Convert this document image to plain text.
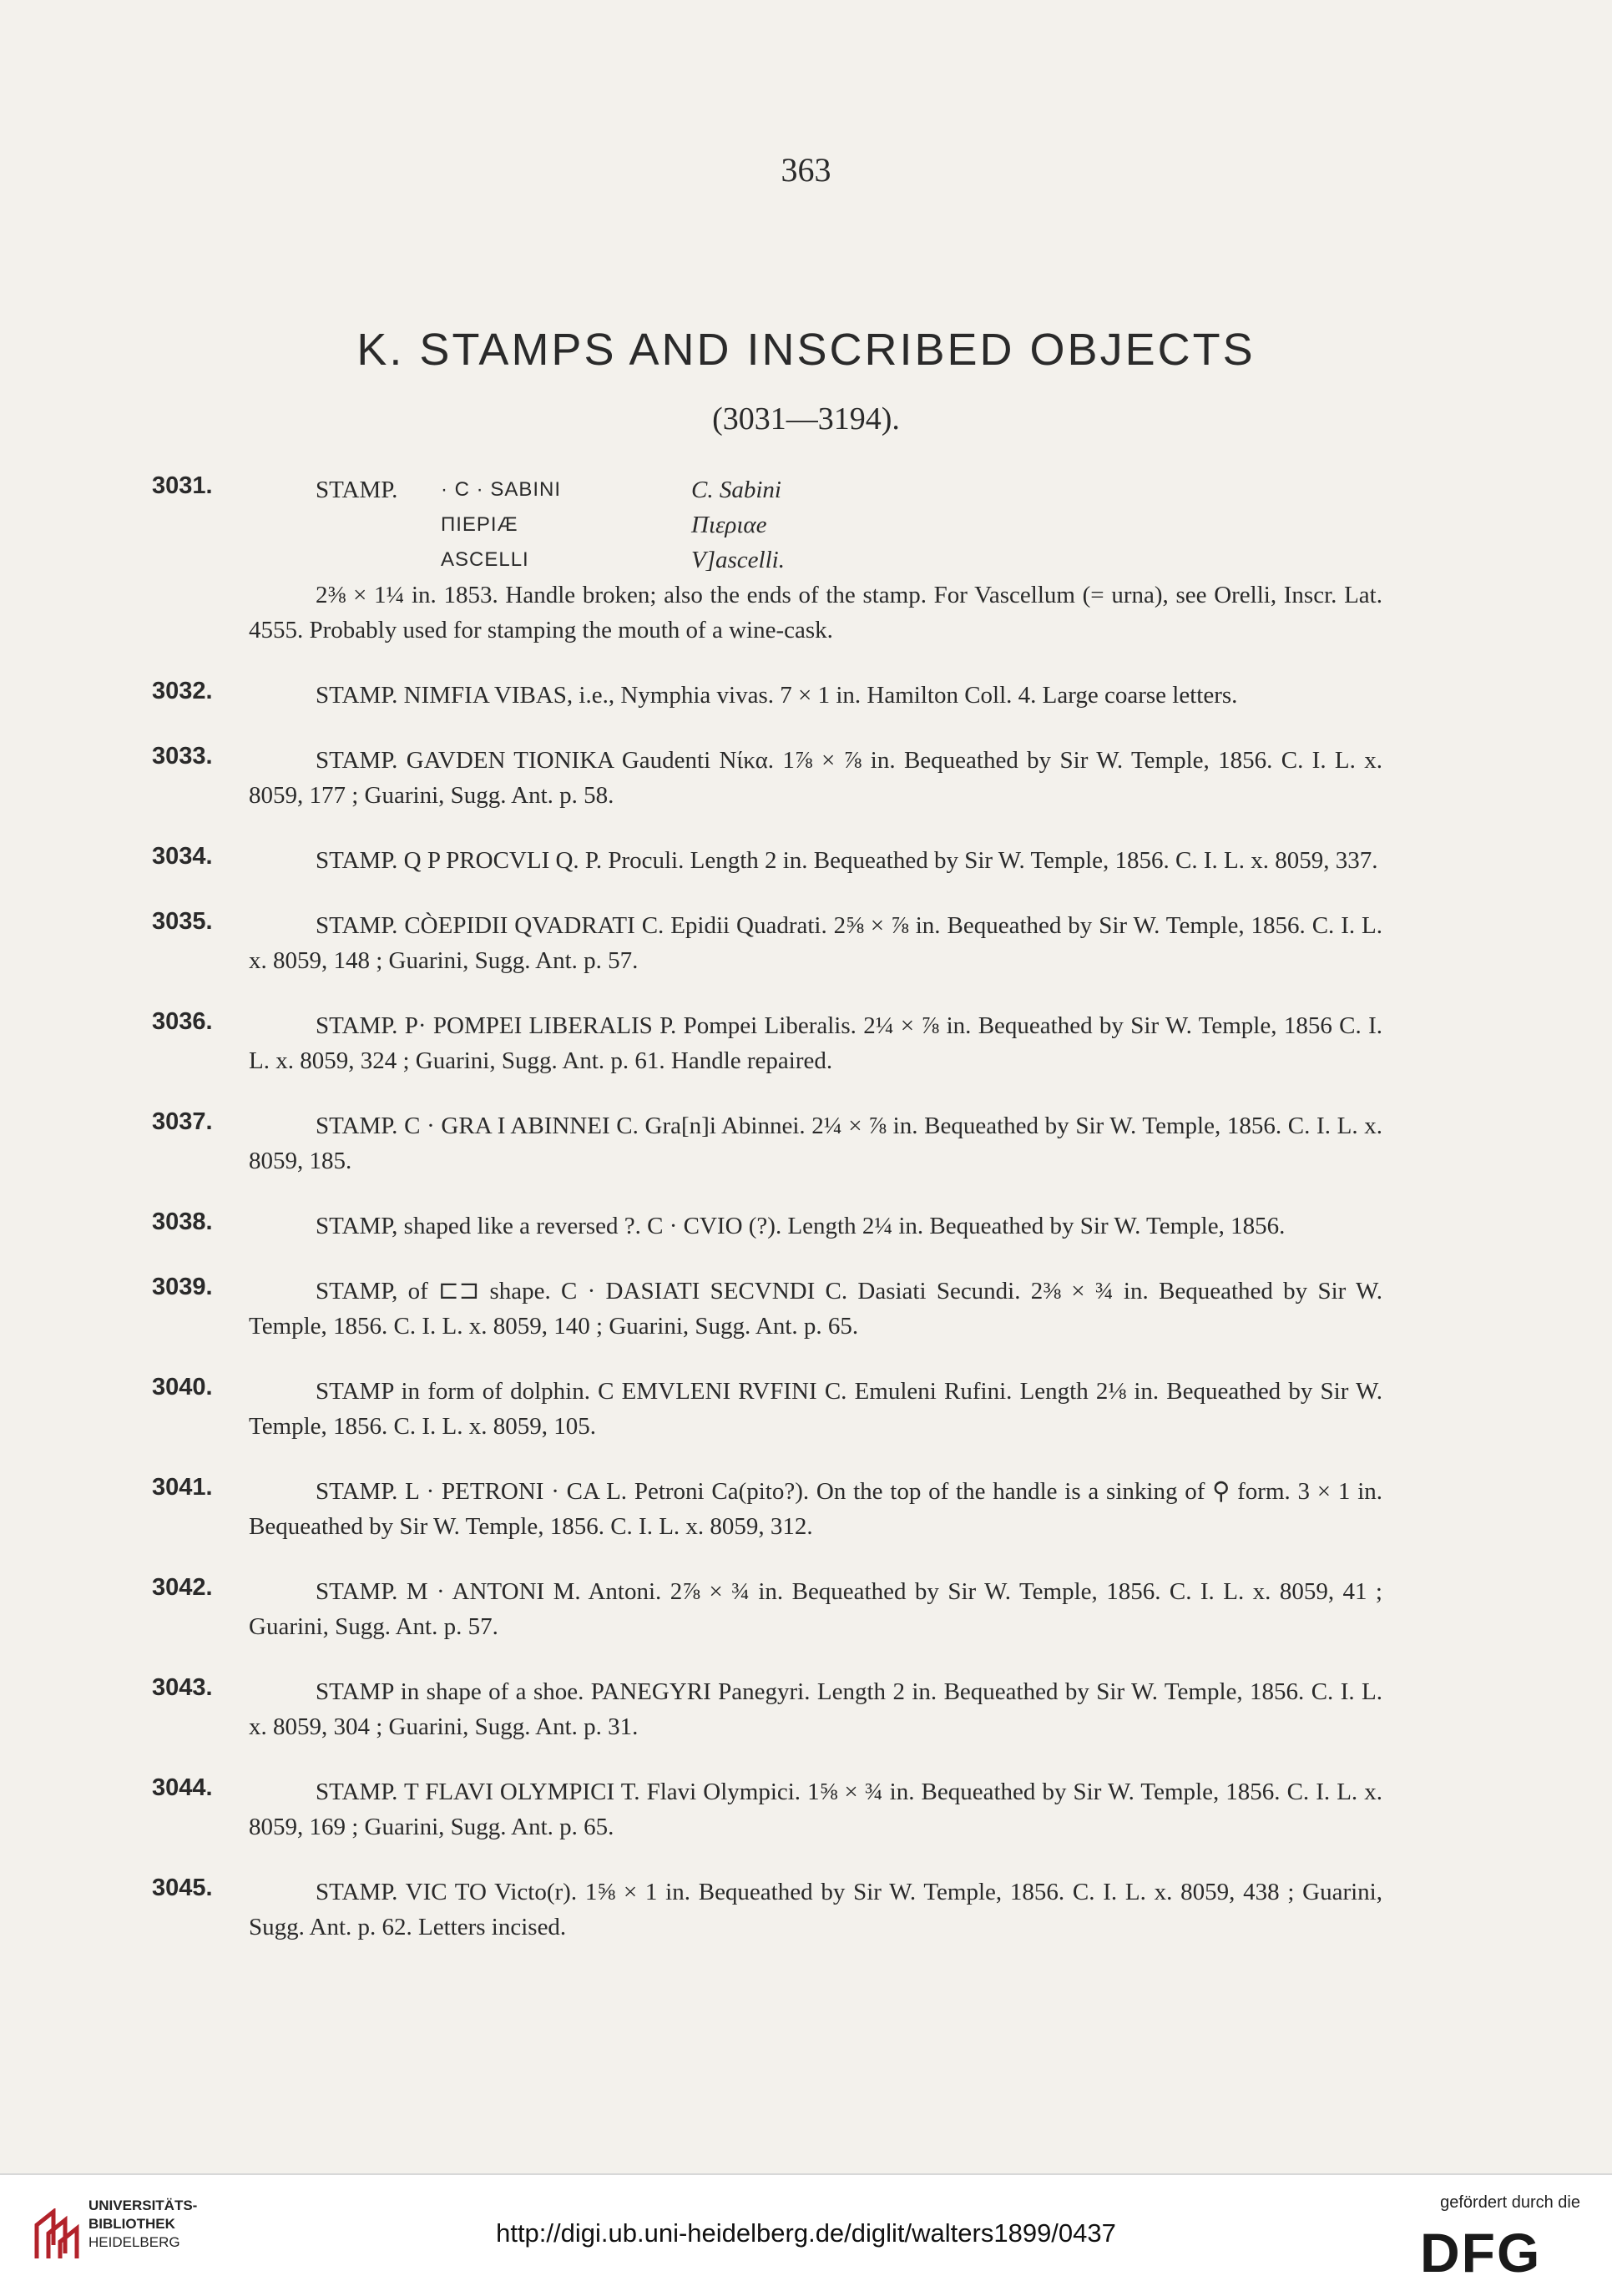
363
K. STAMPS AND INSCRIBED OBJECTS
(3031—3194).
3031.	STAMP.	· C · SABINI	C. Sabini
	ПІЕРІÆ	Πιεριαe
	ASCELLI	V]ascelli.
2⅜ × 1¼ in. 1853. Handle broken; also the ends of the stamp. For Vascellum (= urna), see Orelli, Inscr. Lat. 4555. Probably used for stamping the mouth of a wine-cask.
3032.	STAMP. NIMFIA VIBAS, i.e., Nymphia vivas. 7 × 1 in. Hamilton Coll. 4. Large coarse letters.
3033.	STAMP. GAVDEN TIONIKA Gaudenti Nίκα. 1⅞ × ⅞ in. Bequeathed by Sir W. Temple, 1856. C. I. L. x. 8059, 177 ; Guarini, Sugg. Ant. p. 58.
3034.	STAMP. Q P PROCVLI Q. P. Proculi. Length 2 in. Bequeathed by Sir W. Temple, 1856. C. I. L. x. 8059, 337.
3035.	STAMP. CÒEPIDII QVADRATI C. Epidii Quadrati. 2⅝ × ⅞ in. Bequeathed by Sir W. Temple, 1856. C. I. L. x. 8059, 148 ; Guarini, Sugg. Ant. p. 57.
3036.	STAMP. P· POMPEI LIBERALIS P. Pompei Liberalis. 2¼ × ⅞ in. Bequeathed by Sir W. Temple, 1856 C. I. L. x. 8059, 324 ; Guarini, Sugg. Ant. p. 61. Handle repaired.
3037.	STAMP. C · GRA I ABINNEI C. Gra[n]i Abinnei. 2¼ × ⅞ in. Bequeathed by Sir W. Temple, 1856. C. I. L. x. 8059, 185.
3038.	STAMP, shaped like a reversed ?. C · CVIO (?). Length 2¼ in. Bequeathed by Sir W. Temple, 1856.
3039.	STAMP, of ⊏⊐ shape. C · DASIATI SECVNDI C. Dasiati Secundi. 2⅜ × ¾ in. Bequeathed by Sir W. Temple, 1856. C. I. L. x. 8059, 140 ; Guarini, Sugg. Ant. p. 65.
3040.	STAMP in form of dolphin. C EMVLENI RVFINI C. Emuleni Rufini. Length 2⅛ in. Bequeathed by Sir W. Temple, 1856. C. I. L. x. 8059, 105.
3041.	STAMP. L · PETRONI · CA L. Petroni Ca(pito?). On the top of the handle is a sinking of ⚲ form. 3 × 1 in. Bequeathed by Sir W. Temple, 1856. C. I. L. x. 8059, 312.
3042.	STAMP. M · ANTONI M. Antoni. 2⅞ × ¾ in. Bequeathed by Sir W. Temple, 1856. C. I. L. x. 8059, 41 ; Guarini, Sugg. Ant. p. 57.
3043.	STAMP in shape of a shoe. PANEGYRI Panegyri. Length 2 in. Bequeathed by Sir W. Temple, 1856. C. I. L. x. 8059, 304 ; Guarini, Sugg. Ant. p. 31.
3044.	STAMP. T FLAVI OLYMPICI T. Flavi Olympici. 1⅝ × ¾ in. Bequeathed by Sir W. Temple, 1856. C. I. L. x. 8059, 169 ; Guarini, Sugg. Ant. p. 65.
3045.	STAMP. VIC TO Victo(r). 1⅝ × 1 in. Bequeathed by Sir W. Temple, 1856. C. I. L. x. 8059, 438 ; Guarini, Sugg. Ant. p. 62. Letters incised.
UNIVERSITÄTS-
BIBLIOTHEK
HEIDELBERG	http://digi.ub.uni-heidelberg.de/diglit/walters1899/0437
gefördert durch die
DFG
